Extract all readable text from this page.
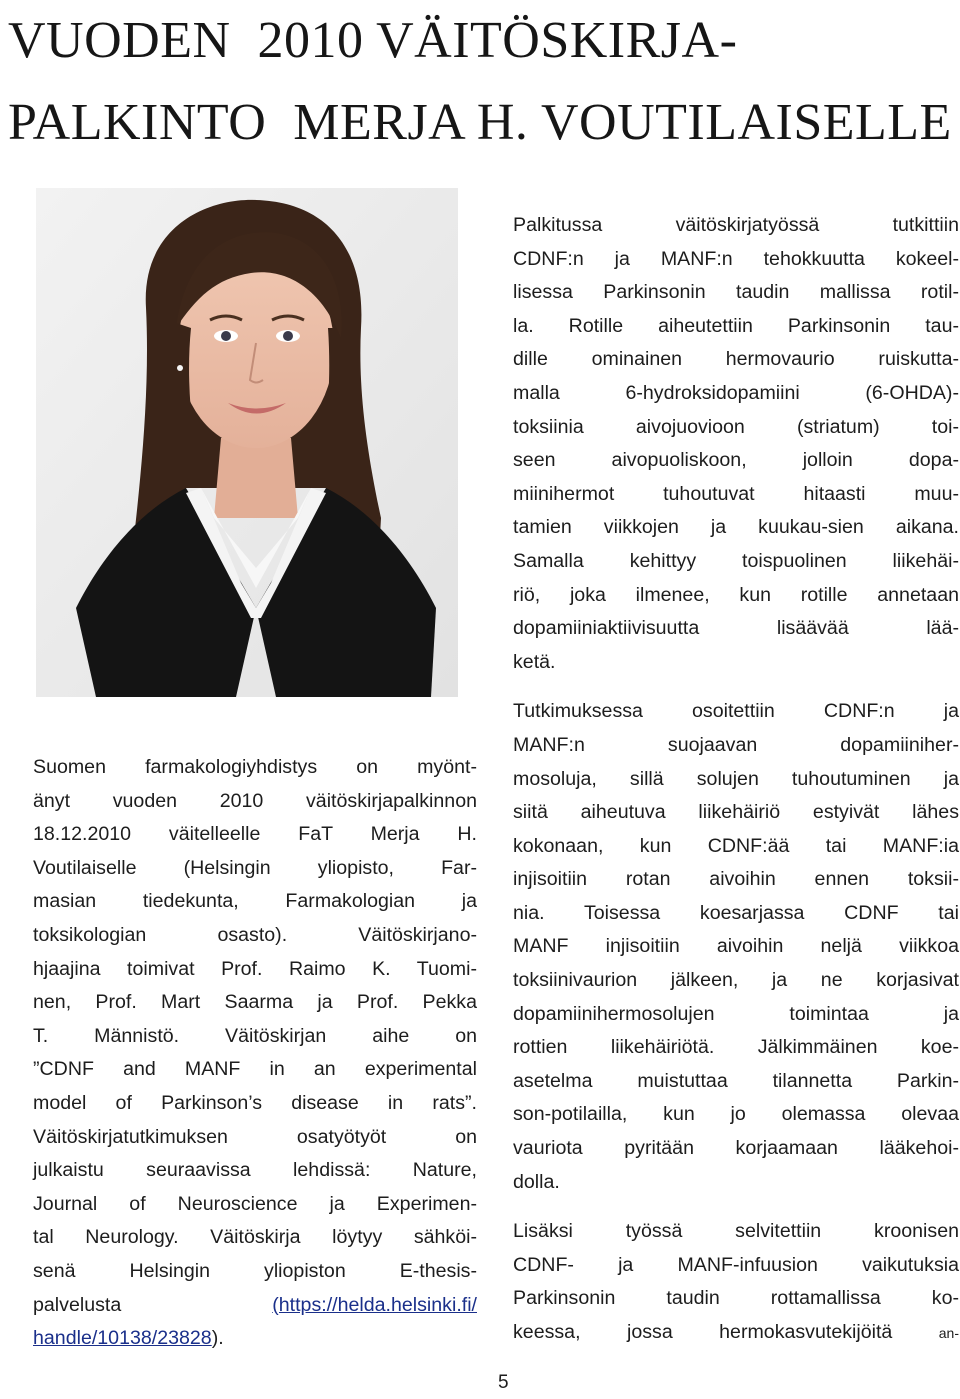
VUODEN  2010 VÄITÖSKIRJA-
PALKINTO  MERJA H. VOUTILAISELLE
Suomen farmakologiyhdistys on myönt-
änyt vuoden 2010 väitöskirjapalkinnon
18.12.2010 väitelleelle FaT Merja H.
Voutilaiselle (Helsingin yliopisto, Far-
masian tiedekunta, Farmakologian ja
toksikologian osasto). Väitöskirjano-
hjaajina toimivat Prof. Raimo K. Tuomi-
nen, Prof. Mart Saarma ja Prof. Pekka
T. Männistö. Väitöskirjan aihe on
”CDNF and MANF in an experimental
model of Parkinson’s disease in rats”.
Väitöskirjatutkimuksen osatyötyöt on
julkaistu seuraavissa lehdissä: Nature,
Journal of Neuroscience ja Experimen-
tal Neurology. Väitöskirja löytyy sähköi-
senä Helsingin yliopiston E-thesis-
palvelusta	(https://helda.helsinki.fi/
handle/10138/23828).
Palkitussa väitöskirjatyössä tutkittiin
CDNF:n ja MANF:n tehokkuutta kokeel-
lisessa Parkinsonin taudin mallissa rotil-
la. Rotille aiheutettiin Parkinsonin tau-
dille ominainen hermovaurio ruiskutta-
malla 6-hydroksidopamiini (6-OHDA)-
toksiinia aivojuovioon (striatum) toi-
seen aivopuoliskoon, jolloin dopa-
miinihermot tuhoutuvat hitaasti muu-
tamien viikkojen ja kuukau-sien aikana.
Samalla kehittyy toispuolinen liikehäi-
riö, joka ilmenee, kun rotille annetaan
dopamiiniaktiivisuutta lisäävää lää-
ketä.
Tutkimuksessa osoitettiin CDNF:n ja
MANF:n suojaavan dopamiiniher-
mosoluja, sillä solujen tuhoutuminen ja
siitä aiheutuva liikehäiriö estyivät lähes
kokonaan, kun CDNF:ää tai MANF:ia
injisoitiin rotan aivoihin ennen toksii-
nia. Toisessa koesarjassa CDNF tai
MANF injisoitiin aivoihin neljä viikkoa
toksiinivaurion jälkeen, ja ne korjasivat
dopamiinihermosolujen toimintaa ja
rottien liikehäiriötä. Jälkimmäinen koe-
asetelma muistuttaa tilannetta Parkin-
son-potilailla, kun jo olemassa olevaa
vauriota pyritään korjaamaan lääkehoi-
dolla.
Lisäksi työssä selvitettiin kroonisen
CDNF- ja MANF-infuusion vaikutuksia
Parkinsonin taudin rottamallissa ko-
keessa, jossa hermokasvutekijöitä	an-
5
